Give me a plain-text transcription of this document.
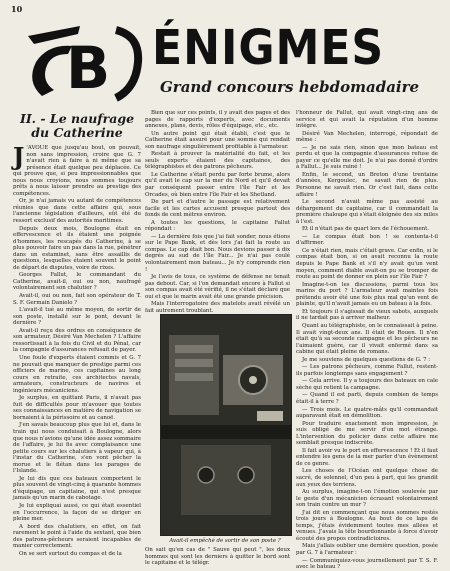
10
B ÉNIGMES
Grand concours hebdomadaire
II. - Le naufrage
du Catherine

J 'AVOUE que jusqu'au bout, on pouvait, non sans impression, croire que G. 7 n'avait rien à faire à ni même que sa présence était quelque peu déplacée. Ce qui prouve que, si peu impressionnables que nous nous croyions, nous sommes toujours prêts à nous laisser prendre au prestige des compétences.

Or, je n'ai jamais vu autant de compétences réunies que dans cette affaire qui, sous l'ancienne législation d'ailleurs, eût été du ressort exclusif des autorités maritimes.

Depuis deux mois, Boulogne était en effervescence et ils étaient une poignée d'hommes, les rescapés du Catherine, à se plus pouvoir faire un pas dans la rue, pénétrer dans un estaminet, sans être assaillis de questions, lesquelles étaient souvent le point de départ de disputes, voire de rixes.

Georges Fallut, le commandant du Catherine, avait-il, oui ou non, naufragé volontairement son chalutier ?

Avait-il, oui ou non, fait son opérateur de T. S. F. Germain Danielo ?

L'avait-il tué au même moyen, de sortir de son poste, installé sur le pont, devant le dernière ?

Avait-il reçu des ordres en conséquence de son armateur, Désiré Van Mechelen ? L'affaire ressortissait à la fois du Civil et du Pénal, car la compagnie d'assurances refusait de payer.

Une foule d'experts étaient commis et G. 7 ne pouvait que manquer de prestige parmi ces officiers de marine, ces capitaines au long cours en retraite, ces architectes navals, armateurs, constructeurs de navires et ingénieurs mécaniciens.

Je surplus, en quittant Paris, il n'avait pas fuit de difficultés pour m'avouer que toutes ses connaissances en matière de navigation se bornaient à la périssoire et au canoë.

J'en savais beaucoup plus que lui et, dans le train qui nous conduisait à Boulogne, alors que nous n'avions qu'une idée assez sommaire de l'affaire, je lui fis avec complaisance une petite cours sur les chalutiers à vapeur qui, à l'instar du Catherine, s'en vont pêcher la morue et le flétan dans les parages de l'Islande.

Je lui dis que ces bateaux comportent le plus souvent de vingt-cinq à quarante hommes d'équipage, un capitaine, qui n'est presque jamais qu'un marin de cabotage.

Je lui expliquai aussi, ce qui était essentiel en l'occurrence, la façon de se diriger en pleine mer.

A bord des chalutiers, en effet, on fait rarement le point à l'aide du sextant, que bien des patrons-pêcheurs seraient incapables de manier correctement.

On se sert surtout du compas et de la

Bien que sur ces points, il y avait des pages et des pages de rapports d'experts, avec documents annexes, plans, devis, rôles d'équipage, etc., etc.

Un autre point qui était établi, c'est que le Catherine était assuré pour une somme qui rendait son naufrage singulièrement profitable à l'armateur.

Restait à prouver la matérialité du fait, et les seuls experts étaient des capitaines, des télégraphistes et des patrons pêcheurs.

Le Catherine s'était perdu par forte brume, alors qu'il avait le cap sur la mer du Nord et qu'il devait par conséquent passer entre l'île Fair et les Orcades, où bien entre l'île Fair et les Shetland.

De part et d'autre le passage est relativement facile et les cartes accusent presque partout des fonds de cent mètres environ.

A toutes les questions, le capitaine Fallut répondait :

— La dernière fois que j'ai fait sonder, nous étions sur le Pape Bank, et dès lors j'ai fait la route au compas. Le cap était bon. Nous devions passer à dix degrés au sud de l'île Fair... Je n'ai pas coulé volontairement mon bateau... Je n'y comprends rien !

Je l'avis de tous, ce système de défense ne tenait pas debout. Car, si l'on demandait encore à Fallut si son compas avait été vérifié, il ne s'était déclaré que oui et que le marin avait été une grande précision.

Mais l'interrogatoire des matelots avait révélé un fait autrement troublant.

Avait-il empêché de sortir de son poste ?
On sait qu'en cas de " Sauve qui peut ", les deux hommes qui sont les derniers à quitter le bord sont le capitaine et le télégr.

l'honneur de Fallut, qui avait vingt-cinq ans de service et qui avait la réputation d'un homme intègre.

Désiré Van Mechelen, interrogé, répondait de même :

— Je ne sais rien, sinon que mon bateau est perdu et que la compagnie d'assurances refuse de payer ce qu'elle me doit. Je n'ai pas donné d'ordre à Fallut... Je suis ruiné !

Enfin, le second, un Breton d'une trentaine d'années, Kergoulec, ne savait rien de plus. Personne ne savait rien. Or c'est fait, dans cette affaire !

Le second n'avait même pas assisté au déhargement du capitaine, car il commandait la première chaloupe qui s'était éloignée des six miles à l'est.

Et il n'était pas de quart lors de l'échouement.

— Le compas était bon ! se contenta-t-il d'affirmer.

Ce n'était rien, mais c'était grave. Car enfin, si le compas était bon, si on avait reconnu la route depuis le Pape Bank et s'il n'y avait qu'un vent moyen, comment diable avait-on pu se tromper de route au point de donner en plein sur l'île Fair ?

Imagine-t-on les discussions, parmi tous les marins du port ? L'armateur avait maintes fois prétendu avoir été une fois plus mal qu'un vent de plainte, qu'il n'avait jamais eu un bateau à la fois.

Et toujours il s'agissait de vieux sabots, auxquels il ne tardait pas à arriver malheur.

Quant au télégraphiste, on le connaissait à peine. Il avait vingt-deux ans. Il était de Rouen. Il n'en était qu'à sa seconde campagne et les pêcheurs ne l'aimaient guère, car il vivait enfermé dans sa cabine qui était pleine de romans.

Je me souviens de quelques questions de G. 7 :

— Les patrons pêcheurs, comme Fallut, restent-ils parfois longtemps sans engagement ?

— Cela arrive. Il y a toujours des bateaux en cale sèche qui retient la campagne.

— Quand il est parti, depuis combien de temps était-il à terre ?

— Trois mois. Le quatre-mâts qu'il commandait auparavant était en démolition.

Pour traduire exactement mon impression, je suis obligé de me servir d'un mot étrange. L'intervention du policier dans cette affaire me semblait presque indiscrète.

Il fait avoir vu le port en effervescence ! Et il faut entendre les gens de la mer parler d'un évènement de ce genre.

Les choses de l'Océan ont quelque chose de sacré, de solennel, d'un peu à part, qui les grandit aux yeux des terriens.

Au surplus, imagine-t-on l'émotion soulevée par le geste d'un mécanicien écrasant volontairement son train contre un mur ?

J'ai dit en commençant que nous sommes restés trois jours à Boulogne. Au bout de ce laps de temps, j'étais évidemment toutes mes allées et venues. J'avais la tête bourdonnante à force d'avoir écouté des propos contradictoires.

Mais j'allais oublier une dernière question, posée par G. 7 à l'armateur :

— Communiquiez-vous journellement par T. S. F. avec le bateau ?
